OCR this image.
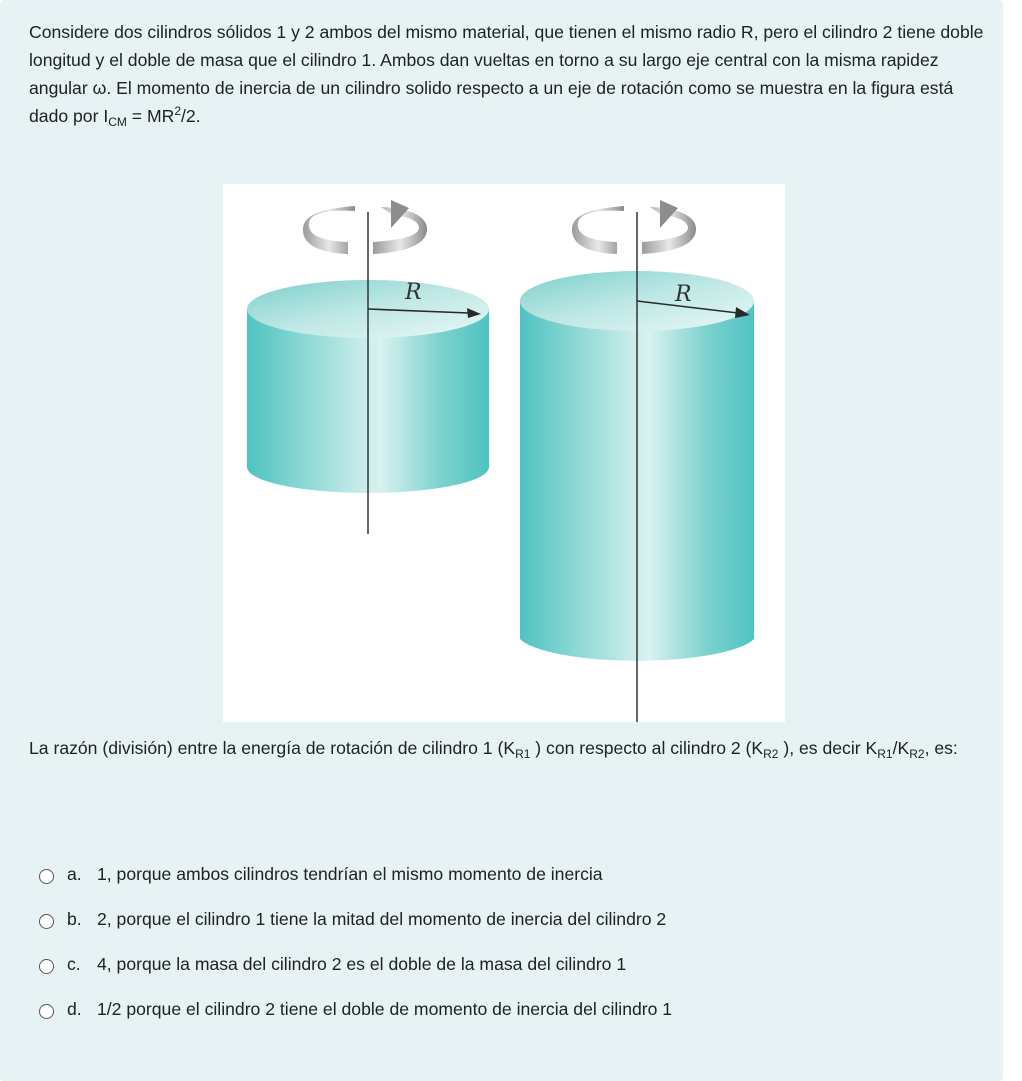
Considere dos cilindros sólidos 1 y 2 ambos del mismo material, que tienen el mismo radio R, pero el cilindro 2 tiene doble longitud y el doble de masa que el cilindro 1. Ambos dan vueltas en torno a su largo eje central con la misma rapidez angular ω. El momento de inercia de un cilindro solido respecto a un eje de rotación como se muestra en la figura está dado por $I_{CM} = MR^2/2$.

R	R
La razón (división) entre la energía de rotación de cilindro 1 ($K_{R1}$ ) con respecto al cilindro 2 ($K_{R2}$ ), es decir $K_{R1}/K_{R2}$, es:
a. 1, porque ambos cilindros tendrían el mismo momento de inercia
b. 2, porque el cilindro 1 tiene la mitad del momento de inercia del cilindro 2
c. 4, porque la masa del cilindro 2 es el doble de la masa del cilindro 1
d. 1/2 porque el cilindro 2 tiene el doble de momento de inercia del cilindro 1
